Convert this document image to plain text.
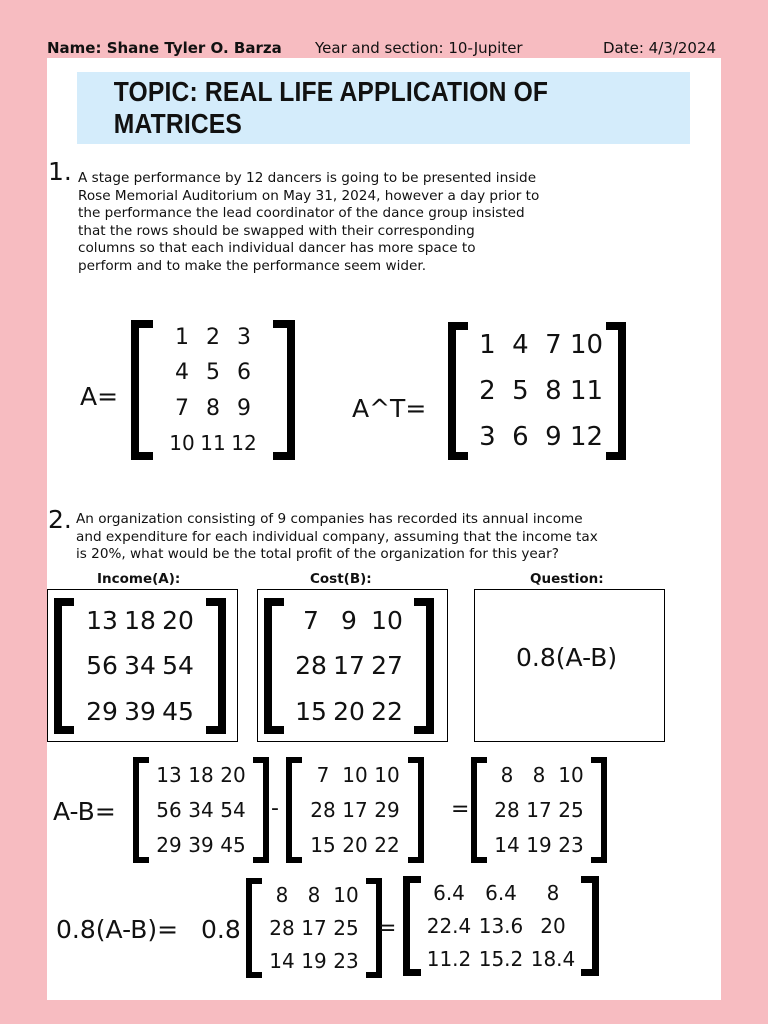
Name: Shane Tyler O. Barza Year and section: 10-Jupiter	Date: 4/3/2024
TOPIC: REAL LIFE APPLICATION OF MATRICES
1. A stage performance by 12 dancers is going to be presented inside
Rose Memorial Auditorium on May 31, 2024, however a day prior to
the performance the lead coordinator of the dance group insisted
that the rows should be swapped with their corresponding
columns so that each individual dancer has more space to
perform and to make the performance seem wider.
A=
1 2 3
4 5 6
7 8 9
10 11 12
A^T=
1 4 7 10
2 5 8 11
3 6 9 12
2. An organization consisting of 9 companies has recorded its annual income
and expenditure for each individual company, assuming that the income tax
is 20%, what would be the total profit of the organization for this year?
Income(A):	Cost(B):	Question:
13 18 20
56 34 54
29 39 45
7 9 10
28 17 27
15 20 22
0.8(A-B)
A-B=
13 18 20
56 34 54
29 39 45
-
7 10 10
28 17 29
15 20 22
=
8 8 10
28 17 25
14 19 23
0.8(A-B)= 0.8
8 8 10
28 17 25
14 19 23
=
6.4	6.4	8
22.4 13.6 20
11.2 15.2 18.4
